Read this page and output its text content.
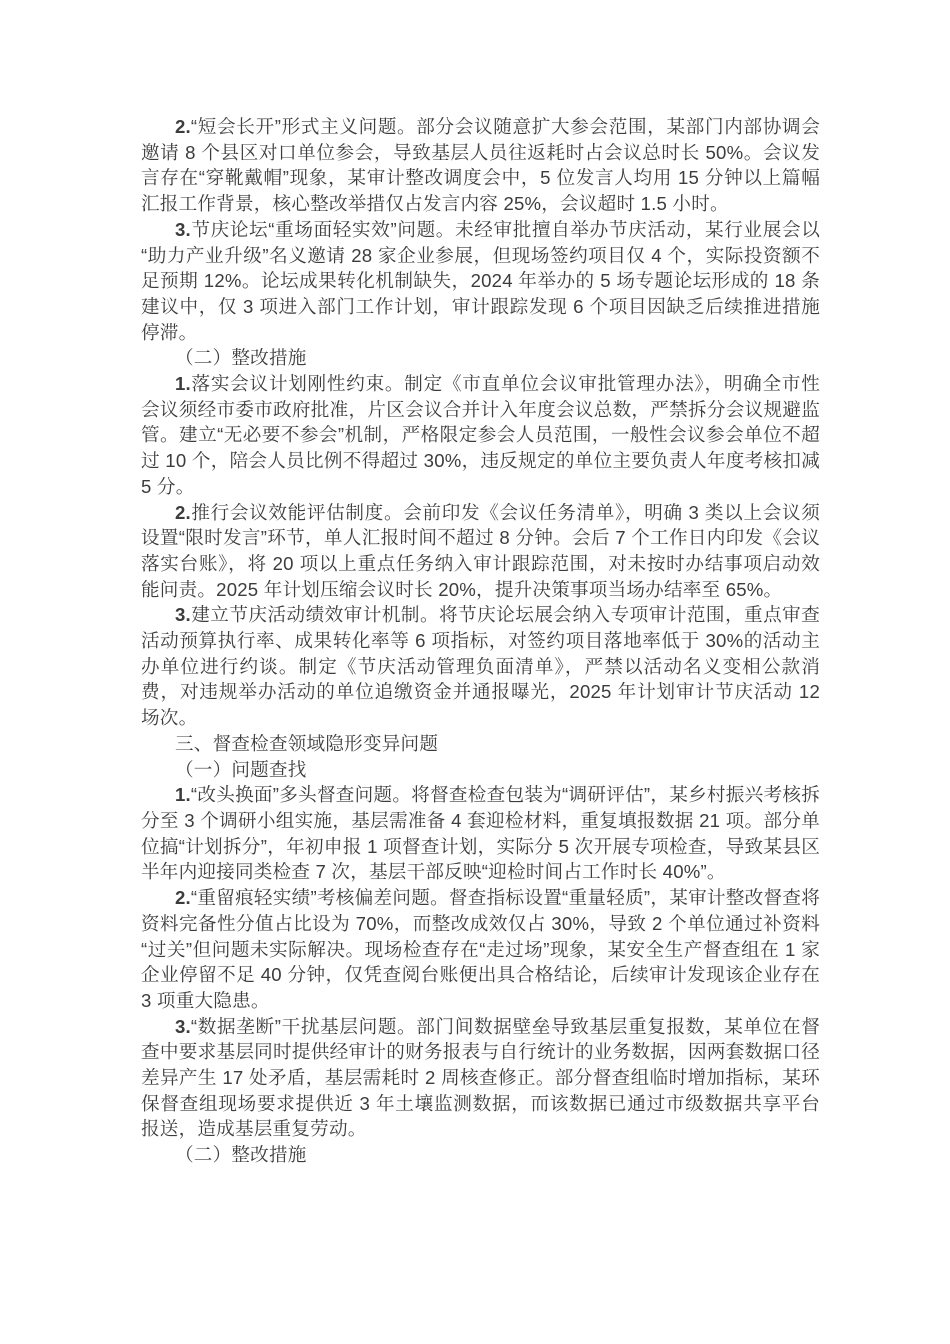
2.“短会长开”形式主义问题。部分会议随意扩大参会范围，某部门内部协调会邀请 8 个县区对口单位参会，导致基层人员往返耗时占会议总时长 50%。会议发言存在“穿靴戴帽”现象，某审计整改调度会中，5 位发言人均用 15 分钟以上篇幅汇报工作背景，核心整改举措仅占发言内容 25%，会议超时 1.5 小时。

3.节庆论坛“重场面轻实效”问题。未经审批擅自举办节庆活动，某行业展会以“助力产业升级”名义邀请 28 家企业参展，但现场签约项目仅 4 个，实际投资额不足预期 12%。论坛成果转化机制缺失，2024 年举办的 5 场专题论坛形成的 18 条建议中，仅 3 项进入部门工作计划，审计跟踪发现 6 个项目因缺乏后续推进措施停滞。

（二）整改措施

1.落实会议计划刚性约束。制定《市直单位会议审批管理办法》，明确全市性会议须经市委市政府批准，片区会议合并计入年度会议总数，严禁拆分会议规避监管。建立“无必要不参会”机制，严格限定参会人员范围，一般性会议参会单位不超过 10 个，陪会人员比例不得超过 30%，违反规定的单位主要负责人年度考核扣减 5 分。

2.推行会议效能评估制度。会前印发《会议任务清单》，明确 3 类以上会议须设置“限时发言”环节，单人汇报时间不超过 8 分钟。会后 7 个工作日内印发《会议落实台账》，将 20 项以上重点任务纳入审计跟踪范围，对未按时办结事项启动效能问责。2025 年计划压缩会议时长 20%，提升决策事项当场办结率至 65%。

3.建立节庆活动绩效审计机制。将节庆论坛展会纳入专项审计范围，重点审查活动预算执行率、成果转化率等 6 项指标，对签约项目落地率低于 30%的活动主办单位进行约谈。制定《节庆活动管理负面清单》，严禁以活动名义变相公款消费，对违规举办活动的单位追缴资金并通报曝光，2025 年计划审计节庆活动 12 场次。

三、督查检查领域隐形变异问题

（一）问题查找

1.“改头换面”多头督查问题。将督查检查包装为“调研评估”，某乡村振兴考核拆分至 3 个调研小组实施，基层需准备 4 套迎检材料，重复填报数据 21 项。部分单位搞“计划拆分”，年初申报 1 项督查计划，实际分 5 次开展专项检查，导致某县区半年内迎接同类检查 7 次，基层干部反映“迎检时间占工作时长 40%”。

2.“重留痕轻实绩”考核偏差问题。督查指标设置“重量轻质”，某审计整改督查将资料完备性分值占比设为 70%，而整改成效仅占 30%，导致 2 个单位通过补资料“过关”但问题未实际解决。现场检查存在“走过场”现象，某安全生产督查组在 1 家企业停留不足 40 分钟，仅凭查阅台账便出具合格结论，后续审计发现该企业存在 3 项重大隐患。

3.“数据垄断”干扰基层问题。部门间数据壁垒导致基层重复报数，某单位在督查中要求基层同时提供经审计的财务报表与自行统计的业务数据，因两套数据口径差异产生 17 处矛盾，基层需耗时 2 周核查修正。部分督查组临时增加指标，某环保督查组现场要求提供近 3 年土壤监测数据，而该数据已通过市级数据共享平台报送，造成基层重复劳动。

（二）整改措施
